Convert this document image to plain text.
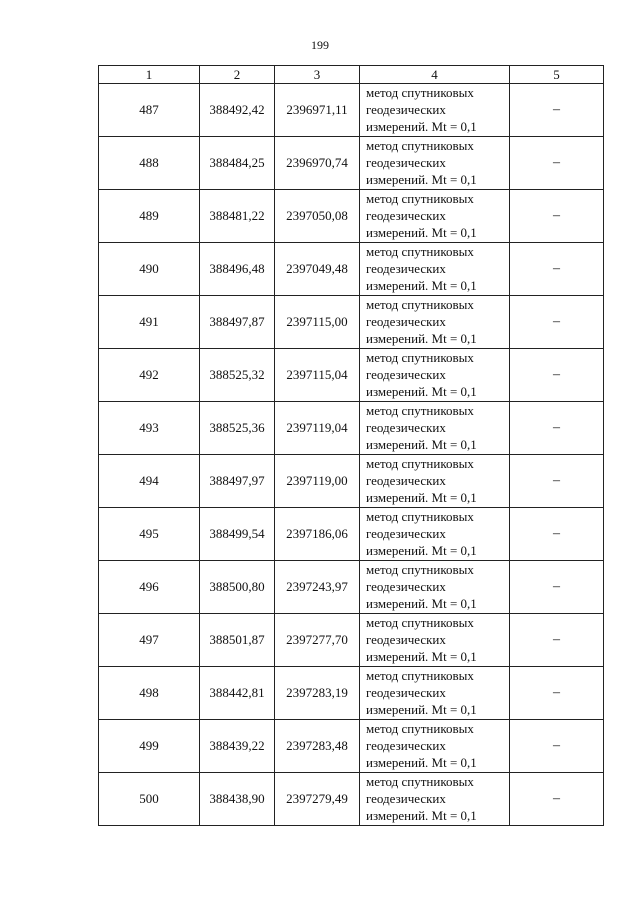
199
1	2	3	4	5
487	388492,42	2396971,11	метод спутниковых
геодезических
измерений. Mt = 0,1	–
488	388484,25	2396970,74	метод спутниковых
геодезических
измерений. Mt = 0,1	–
489	388481,22	2397050,08	метод спутниковых
геодезических
измерений. Mt = 0,1	–
490	388496,48	2397049,48	метод спутниковых
геодезических
измерений. Mt = 0,1	–
491	388497,87	2397115,00	метод спутниковых
геодезических
измерений. Mt = 0,1	–
492	388525,32	2397115,04	метод спутниковых
геодезических
измерений. Mt = 0,1	–
493	388525,36	2397119,04	метод спутниковых
геодезических
измерений. Mt = 0,1	–
494	388497,97	2397119,00	метод спутниковых
геодезических
измерений. Mt = 0,1	–
495	388499,54	2397186,06	метод спутниковых
геодезических
измерений. Mt = 0,1	–
496	388500,80	2397243,97	метод спутниковых
геодезических
измерений. Mt = 0,1	–
497	388501,87	2397277,70	метод спутниковых
геодезических
измерений. Mt = 0,1	–
498	388442,81	2397283,19	метод спутниковых
геодезических
измерений. Mt = 0,1	–
499	388439,22	2397283,48	метод спутниковых
геодезических
измерений. Mt = 0,1	–
500	388438,90	2397279,49	метод спутниковых
геодезических
измерений. Mt = 0,1	–
